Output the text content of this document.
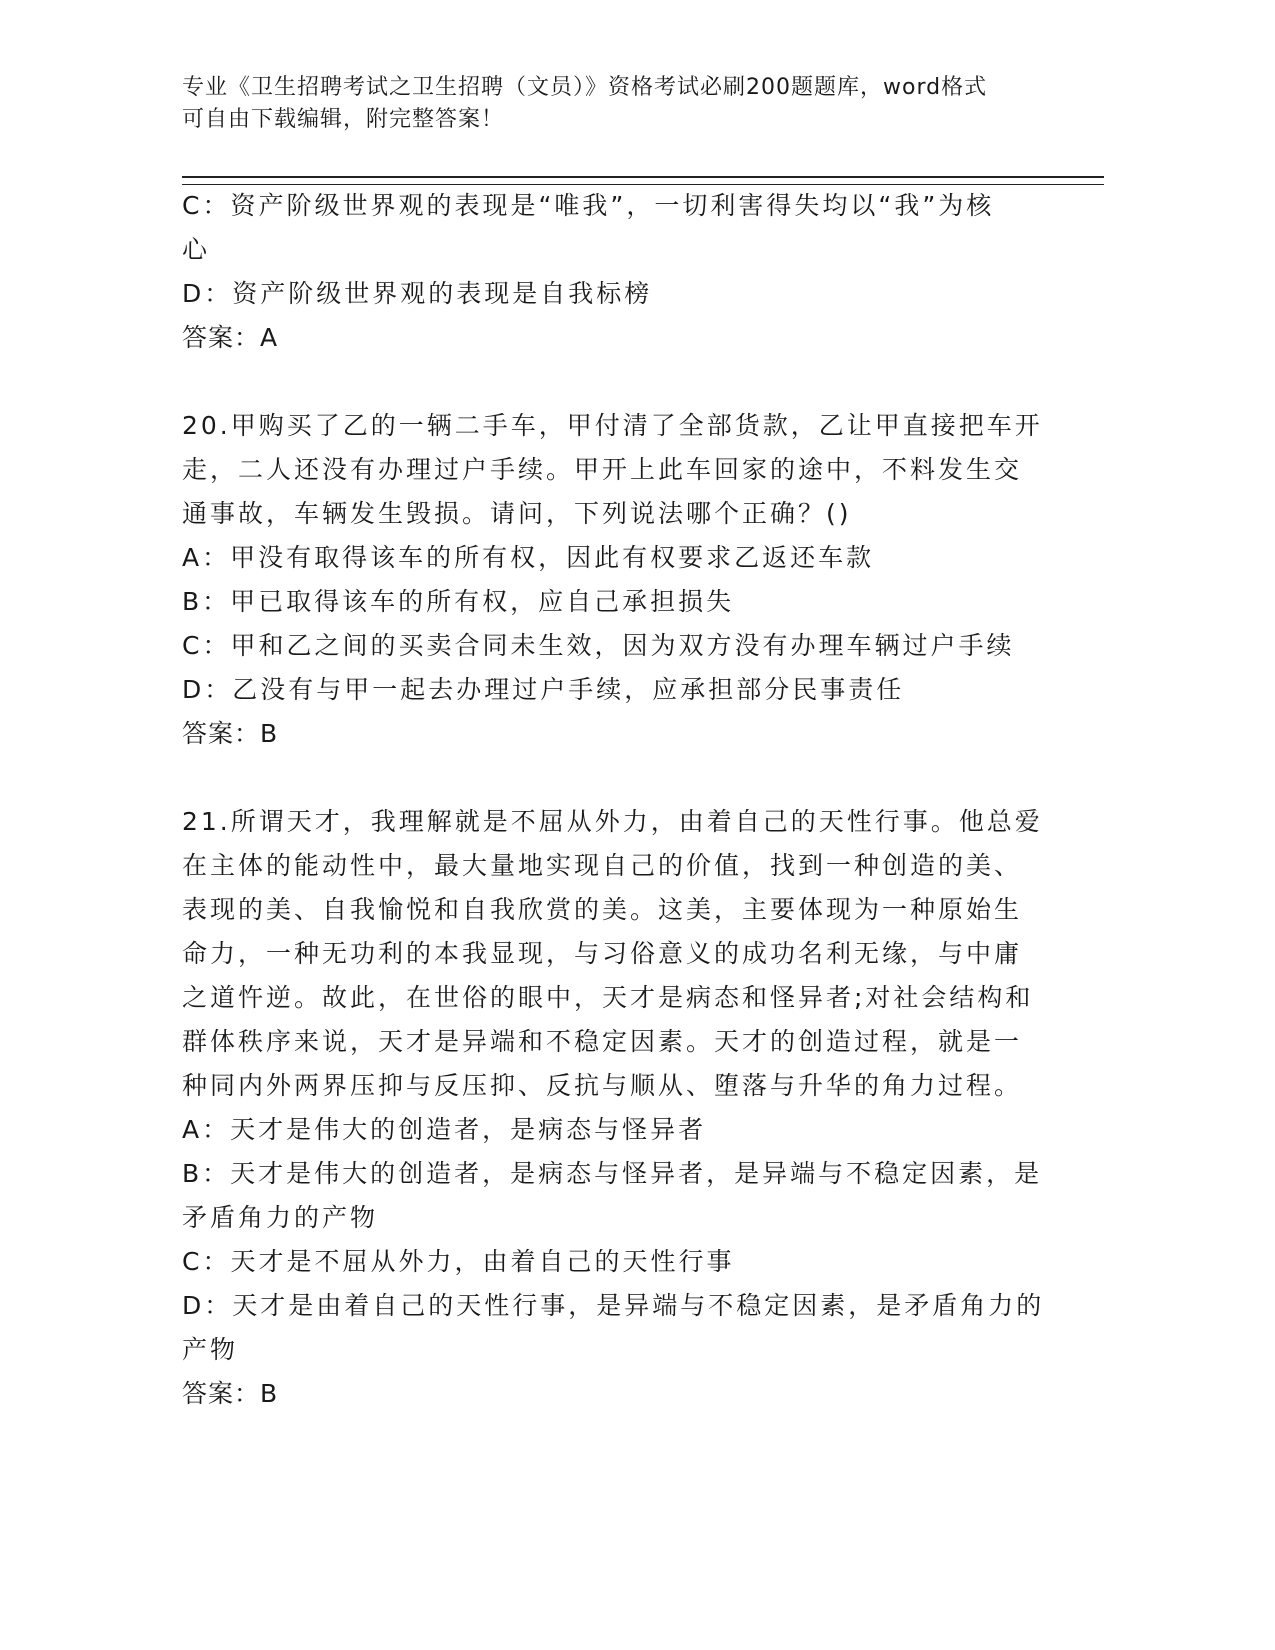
专业《卫生招聘考试之卫生招聘（文员）》资格考试必刷200题题库，word格式
可自由下载编辑，附完整答案！

C：资产阶级世界观的表现是“唯我”，一切利害得失均以“我”为核

心

D：资产阶级世界观的表现是自我标榜

答案：A

20.甲购买了乙的一辆二手车，甲付清了全部货款，乙让甲直接把车开

走，二人还没有办理过户手续。甲开上此车回家的途中，不料发生交

通事故，车辆发生毁损。请问，下列说法哪个正确？()

A：甲没有取得该车的所有权，因此有权要求乙返还车款

B：甲已取得该车的所有权，应自己承担损失

C：甲和乙之间的买卖合同未生效，因为双方没有办理车辆过户手续

D：乙没有与甲一起去办理过户手续，应承担部分民事责任

答案：B

21.所谓天才，我理解就是不屈从外力，由着自己的天性行事。他总爱

在主体的能动性中，最大量地实现自己的价值，找到一种创造的美、

表现的美、自我愉悦和自我欣赏的美。这美，主要体现为一种原始生

命力，一种无功利的本我显现，与习俗意义的成功名利无缘，与中庸

之道忤逆。故此，在世俗的眼中，天才是病态和怪异者;对社会结构和

群体秩序来说，天才是异端和不稳定因素。天才的创造过程，就是一

种同内外两界压抑与反压抑、反抗与顺从、堕落与升华的角力过程。

A：天才是伟大的创造者，是病态与怪异者

B：天才是伟大的创造者，是病态与怪异者，是异端与不稳定因素，是

矛盾角力的产物

C：天才是不屈从外力，由着自己的天性行事

D：天才是由着自己的天性行事，是异端与不稳定因素，是矛盾角力的

产物

答案：B
